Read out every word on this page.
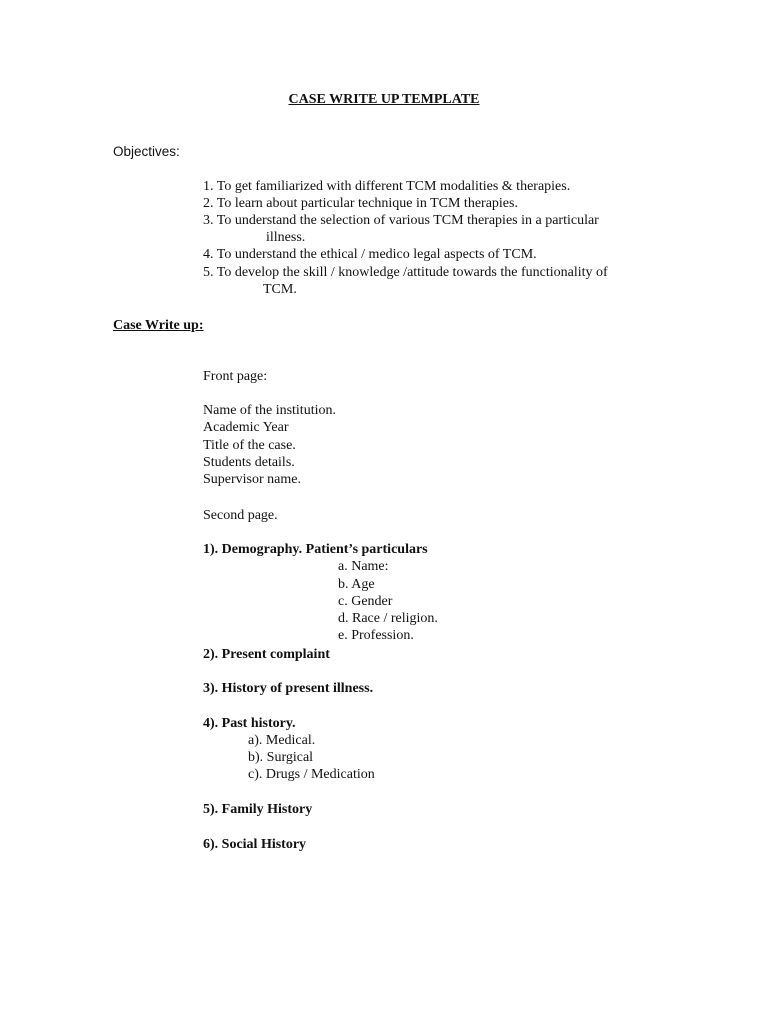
CASE WRITE UP TEMPLATE
Objectives:
1. To get familiarized with different TCM modalities & therapies.
2. To learn about particular technique in TCM therapies.
3. To understand the selection of various TCM therapies in a particular
illness.
4. To understand the ethical / medico legal aspects of TCM.
5. To develop the skill / knowledge /attitude towards the functionality of
TCM.
Case Write up:
Front page:
Name of the institution.
Academic Year
Title of the case.
Students details.
Supervisor name.
Second page.
1). Demography. Patient’s particulars
a. Name:
b. Age
c. Gender
d. Race / religion.
e. Profession.
2). Present complaint
3). History of present illness.
4). Past history.
a). Medical.
b). Surgical
c). Drugs / Medication
5). Family History
6). Social History
